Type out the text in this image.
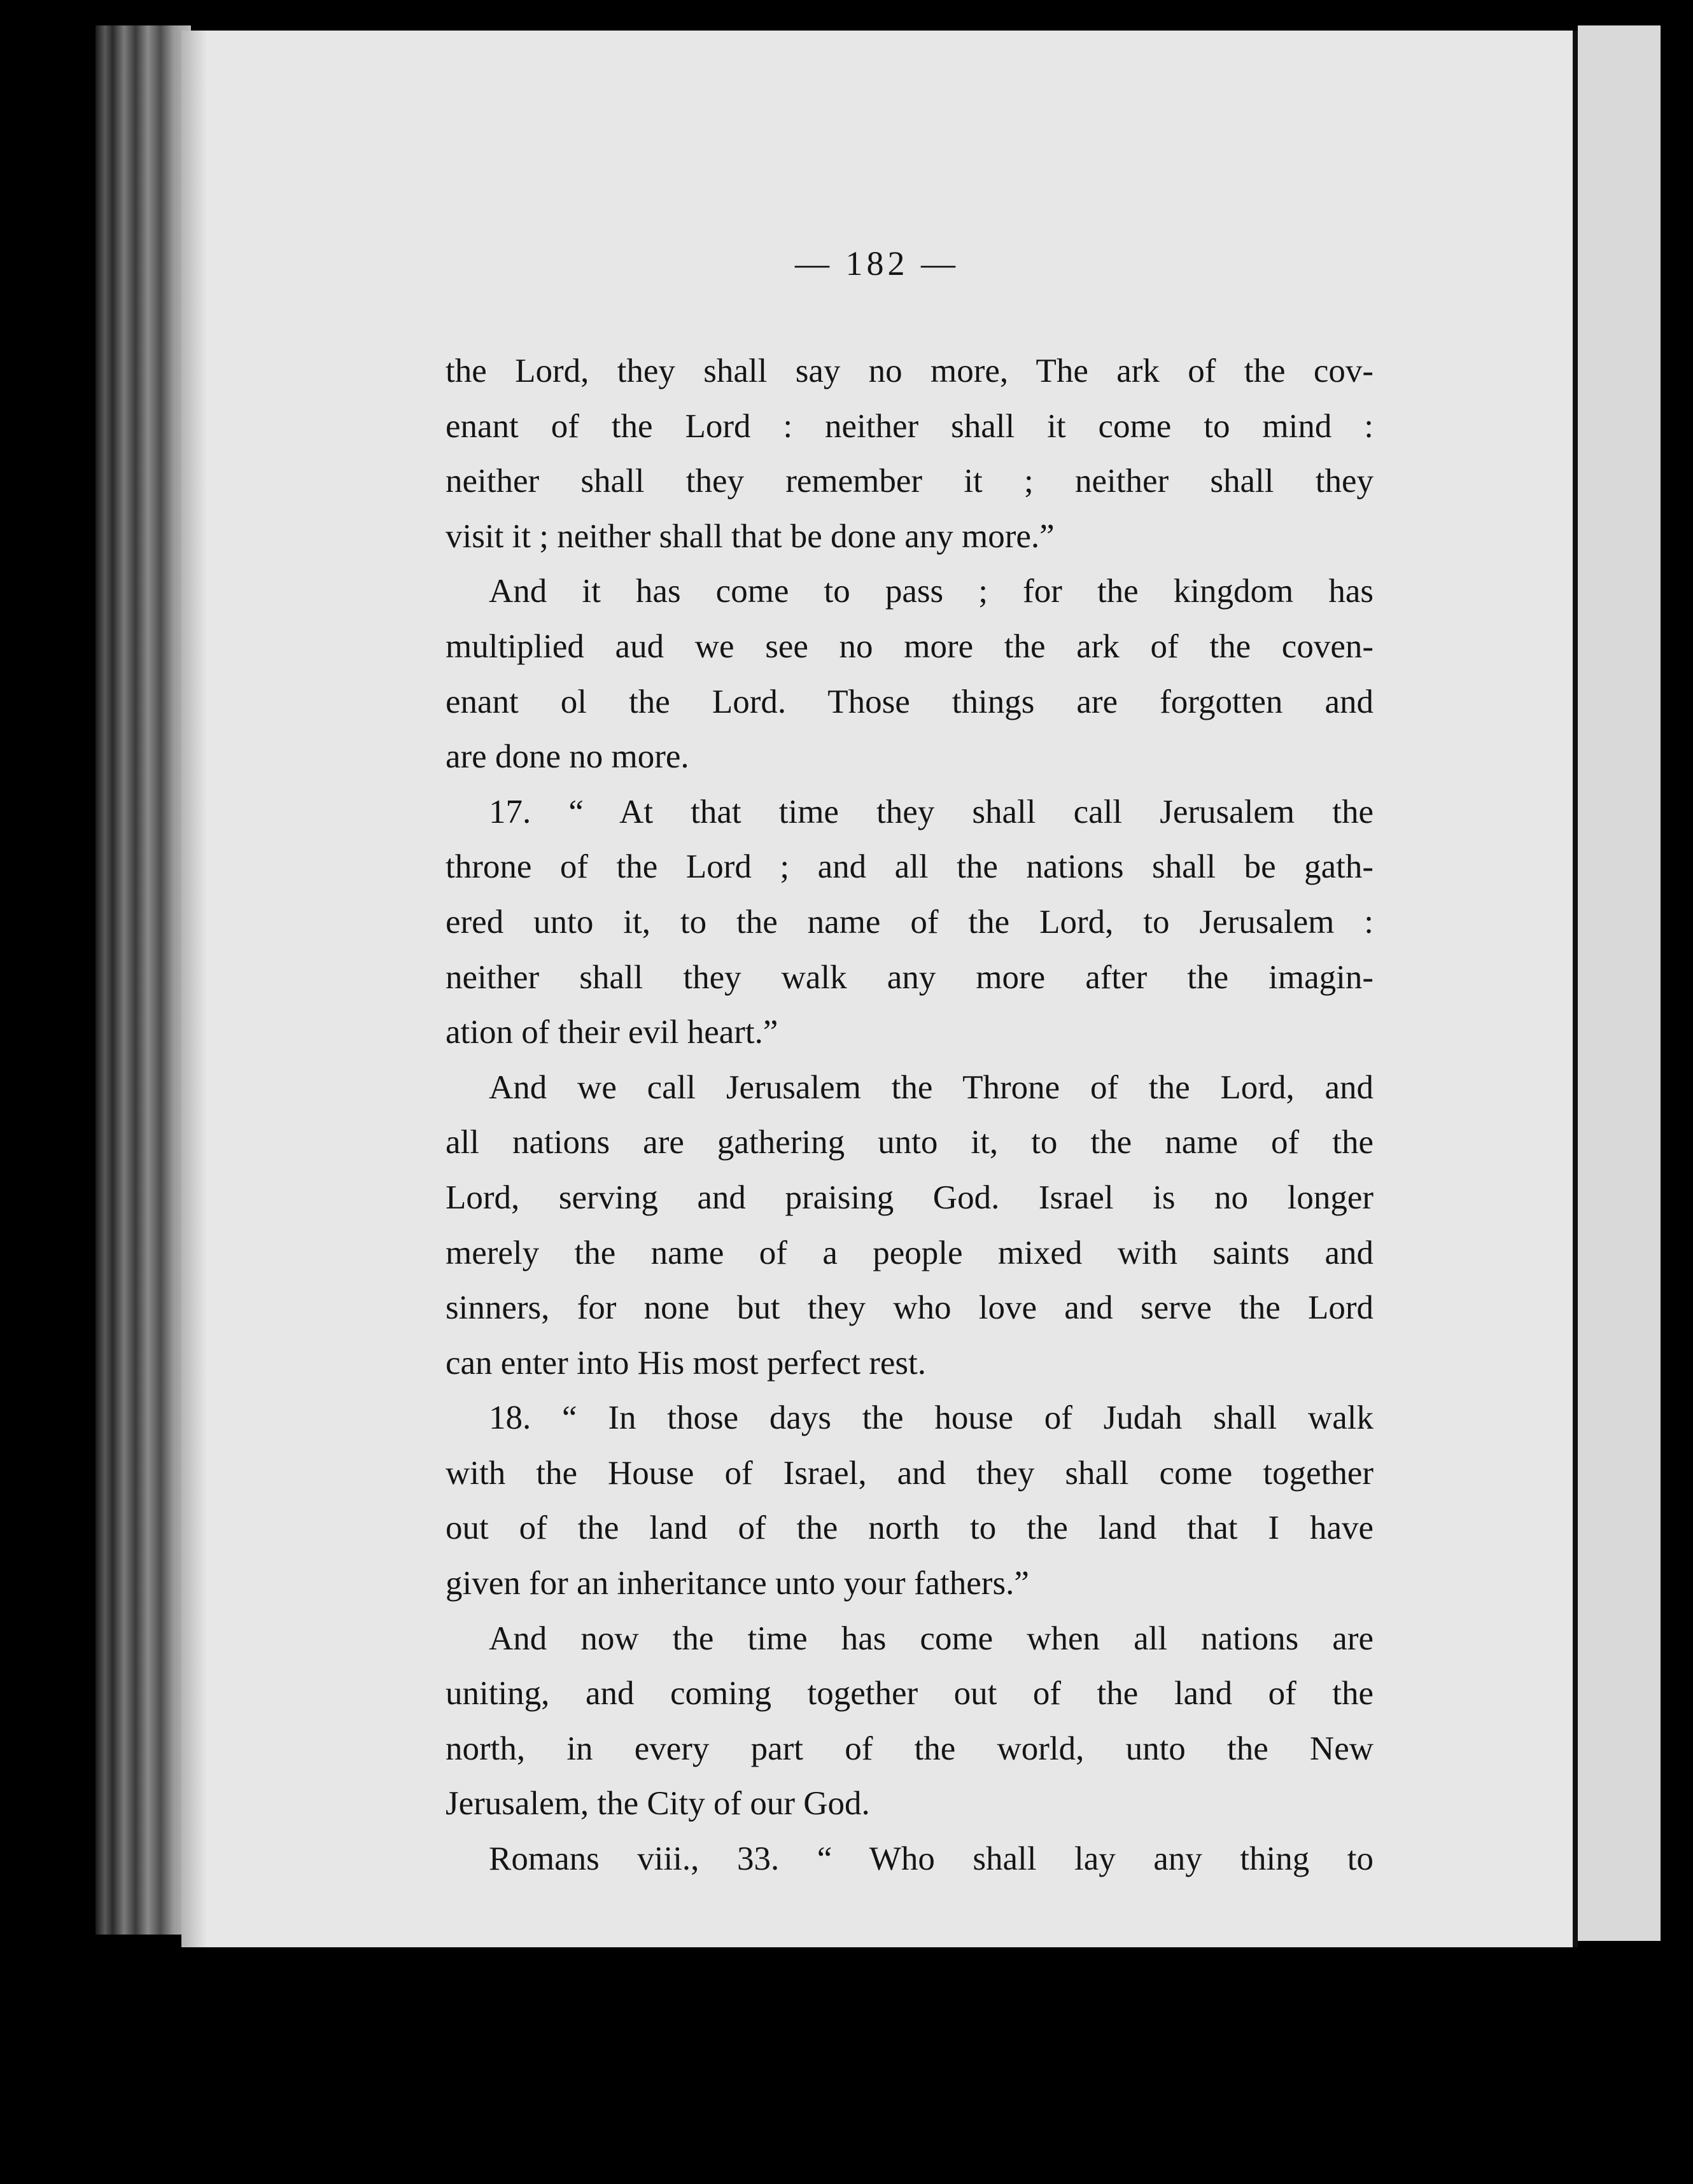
— 182 —
the Lord, they shall say no more, The ark of the cov-
enant of the Lord : neither shall it come to mind :
neither shall they remember it ; neither shall they
visit it ; neither shall that be done any more.”
And it has come to pass ; for the kingdom has
multiplied aud we see no more the ark of the coven-
enant ol the Lord. Those things are forgotten and
are done no more.
17. “ At that time they shall call Jerusalem the
throne of the Lord ; and all the nations shall be gath-
ered unto it, to the name of the Lord, to Jerusalem :
neither shall they walk any more after the imagin-
ation of their evil heart.”
And we call Jerusalem the Throne of the Lord, and
all nations are gathering unto it, to the name of the
Lord, serving and praising God. Israel is no longer
merely the name of a people mixed with saints and
sinners, for none but they who love and serve the Lord
can enter into His most perfect rest.
18. “ In those days the house of Judah shall walk
with the House of Israel, and they shall come together
out of the land of the north to the land that I have
given for an inheritance unto your fathers.”
And now the time has come when all nations are
uniting, and coming together out of the land of the
north, in every part of the world, unto the New
Jerusalem, the City of our God.
Romans viii., 33. “ Who shall lay any thing to
